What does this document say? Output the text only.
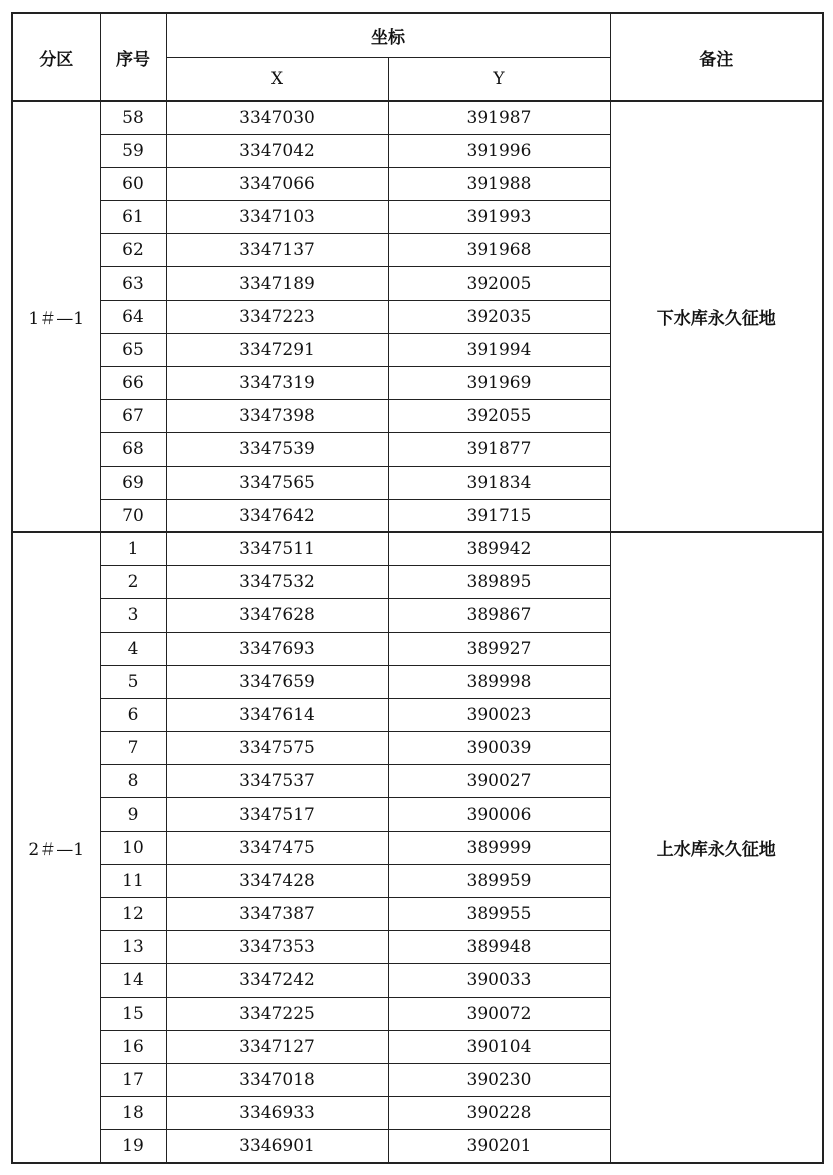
分区	序号	坐标		备注
		X	Y	
1＃—1	58	3347030	391987	下水库永久征地
	59	3347042	391996	
	60	3347066	391988	
	61	3347103	391993	
	62	3347137	391968	
	63	3347189	392005	
	64	3347223	392035	
	65	3347291	391994	
	66	3347319	391969	
	67	3347398	392055	
	68	3347539	391877	
	69	3347565	391834	
	70	3347642	391715	
2＃—1	1	3347511	389942	上水库永久征地
	2	3347532	389895	
	3	3347628	389867	
	4	3347693	389927	
	5	3347659	389998	
	6	3347614	390023	
	7	3347575	390039	
	8	3347537	390027	
	9	3347517	390006	
	10	3347475	389999	
	11	3347428	389959	
	12	3347387	389955	
	13	3347353	389948	
	14	3347242	390033	
	15	3347225	390072	
	16	3347127	390104	
	17	3347018	390230	
	18	3346933	390228	
	19	3346901	390201	
